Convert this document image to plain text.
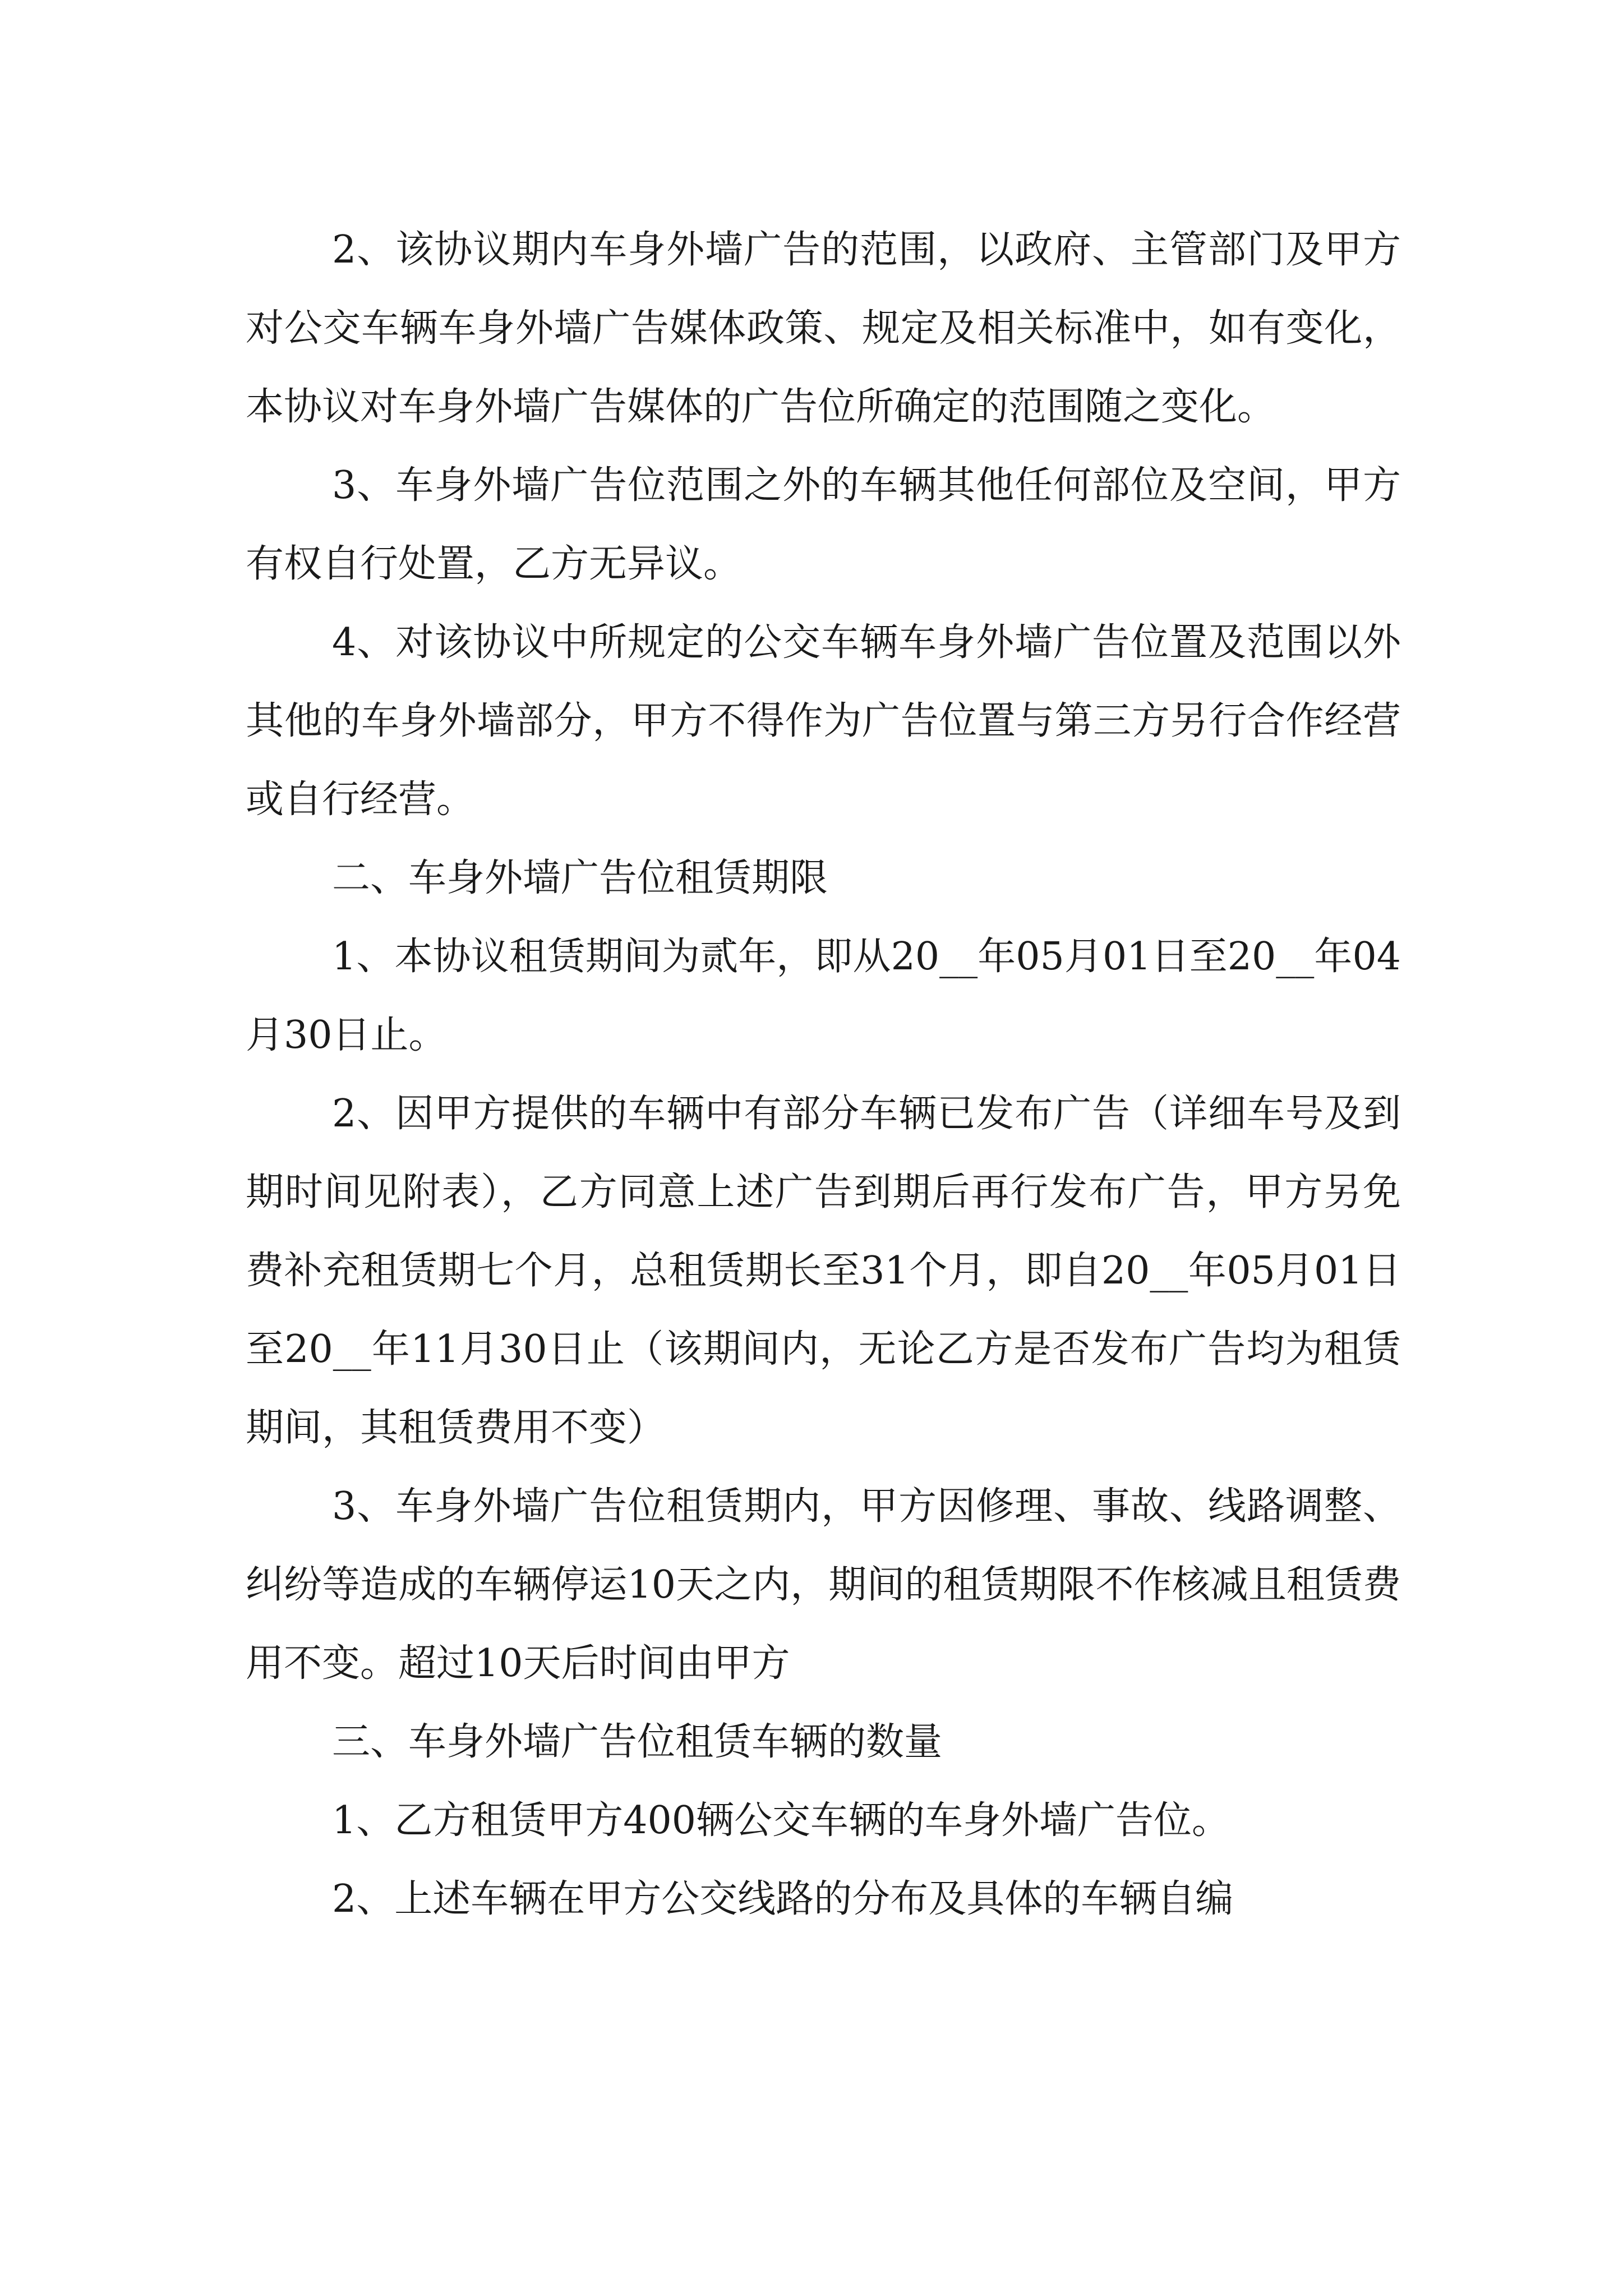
2、该协议期内车身外墙广告的范围，以政府、主管部门及甲方对公交车辆车身外墙广告媒体政策、规定及相关标准中，如有变化，本协议对车身外墙广告媒体的广告位所确定的范围随之变化。

3、车身外墙广告位范围之外的车辆其他任何部位及空间，甲方有权自行处置，乙方无异议。

4、对该协议中所规定的公交车辆车身外墙广告位置及范围以外其他的车身外墙部分，甲方不得作为广告位置与第三方另行合作经营或自行经营。

二、车身外墙广告位租赁期限

1、本协议租赁期间为贰年，即从20__年05月01日至20__年04月30日止。

2、因甲方提供的车辆中有部分车辆已发布广告（详细车号及到期时间见附表），乙方同意上述广告到期后再行发布广告，甲方另免费补充租赁期七个月，总租赁期长至31个月，即自20__年05月01日至20__年11月30日止（该期间内，无论乙方是否发布广告均为租赁期间，其租赁费用不变）

3、车身外墙广告位租赁期内，甲方因修理、事故、线路调整、纠纷等造成的车辆停运10天之内，期间的租赁期限不作核减且租赁费用不变。超过10天后时间由甲方

三、车身外墙广告位租赁车辆的数量

1、乙方租赁甲方400辆公交车辆的车身外墙广告位。

2、上述车辆在甲方公交线路的分布及具体的车辆自编
